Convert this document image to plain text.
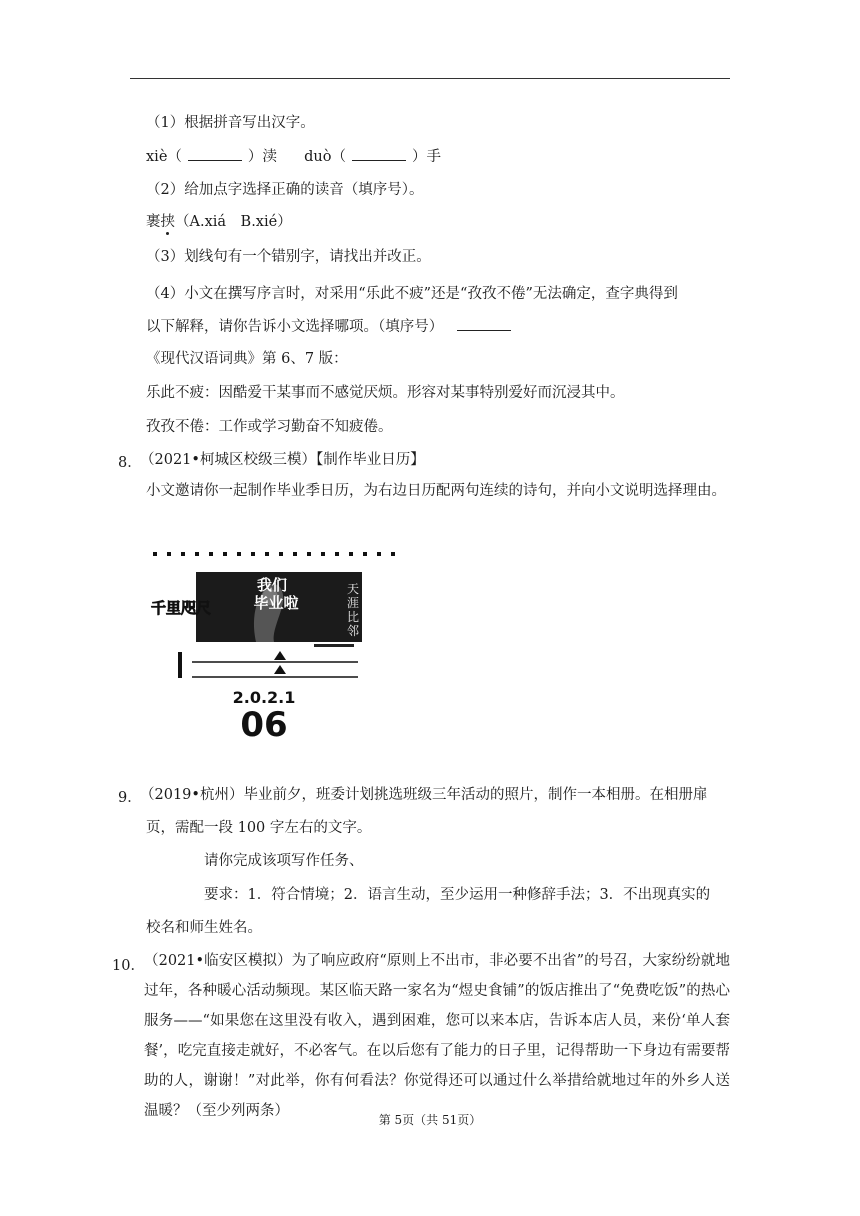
（1）根据拼音写出汉字。
xiè（	）渎 duò（	）手
（2）给加点字选择正确的读音（填序号）。
裹挟（A.xiá　B.xié）
（3）划线句有一个错别字，请找出并改正。
（4）小文在撰写序言时，对采用“乐此不疲”还是“孜孜不倦”无法确定，查字典得到
以下解释，请你告诉小文选择哪项。（填序号）
《现代汉语词典》第 6、7 版：
乐此不疲：因酷爱干某事而不感觉厌烦。形容对某事特别爱好而沉浸其中。
孜孜不倦：工作或学习勤奋不知疲倦。
8．
（2021•柯城区校级三模）【制作毕业日历】
小文邀请你一起制作毕业季日历，为右边日历配两句连续的诗句，并向小文说明选择理由。
我们
毕业啦
千里咫尺
天
涯
比
邻
2.0.2.1
06
9．
（2019•杭州）毕业前夕，班委计划挑选班级三年活动的照片，制作一本相册。在相册扉
页，需配一段 100 字左右的文字。
请你完成该项写作任务、
要求：1．符合情境；2．语言生动，至少运用一种修辞手法；3．不出现真实的
校名和师生姓名。
10． （2021•临安区模拟）为了响应政府“原则上不出市，非必要不出省”的号召，大家纷纷就地过年，各种暖心活动频现。某区临天路一家名为“煜史食铺”的饭店推出了“免费吃饭”的热心服务——“如果您在这里没有收入，遇到困难，您可以来本店，告诉本店人员，来份‘单人套餐’，吃完直接走就好，不必客气。在以后您有了能力的日子里，记得帮助一下身边有需要帮助的人，谢谢！”对此举，你有何看法？你觉得还可以通过什么举措给就地过年的外乡人送温暖？（至少列两条）
第 5页（共 51页）
